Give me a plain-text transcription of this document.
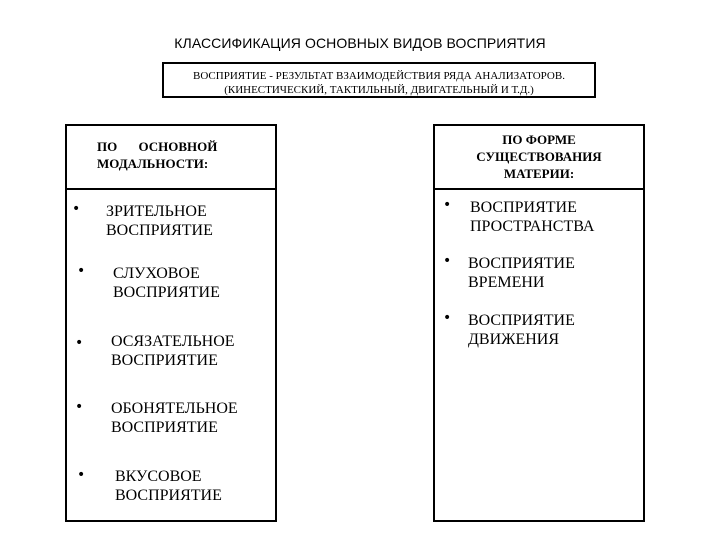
КЛАССИФИКАЦИЯ ОСНОВНЫХ ВИДОВ ВОСПРИЯТИЯ
ВОСПРИЯТИЕ - РЕЗУЛЬТАТ ВЗАИМОДЕЙСТВИЯ РЯДА АНАЛИЗАТОРОВ.
(КИНЕСТИЧЕСКИЙ, ТАКТИЛЬНЫЙ, ДВИГАТЕЛЬНЫЙ И Т.Д.)
ПО ОСНОВНОЙ
МОДАЛЬНОСТИ:
• ЗРИТЕЛЬНОЕ
ВОСПРИЯТИЕ
• СЛУХОВОЕ
ВОСПРИЯТИЕ
• ОСЯЗАТЕЛЬНОЕ
ВОСПРИЯТИЕ
• ОБОНЯТЕЛЬНОЕ
ВОСПРИЯТИЕ
• ВКУСОВОЕ
ВОСПРИЯТИЕ
ПО ФОРМЕ
СУЩЕСТВОВАНИЯ
МАТЕРИИ:
• ВОСПРИЯТИЕ
ПРОСТРАНСТВА
• ВОСПРИЯТИЕ
ВРЕМЕНИ
• ВОСПРИЯТИЕ
ДВИЖЕНИЯ
